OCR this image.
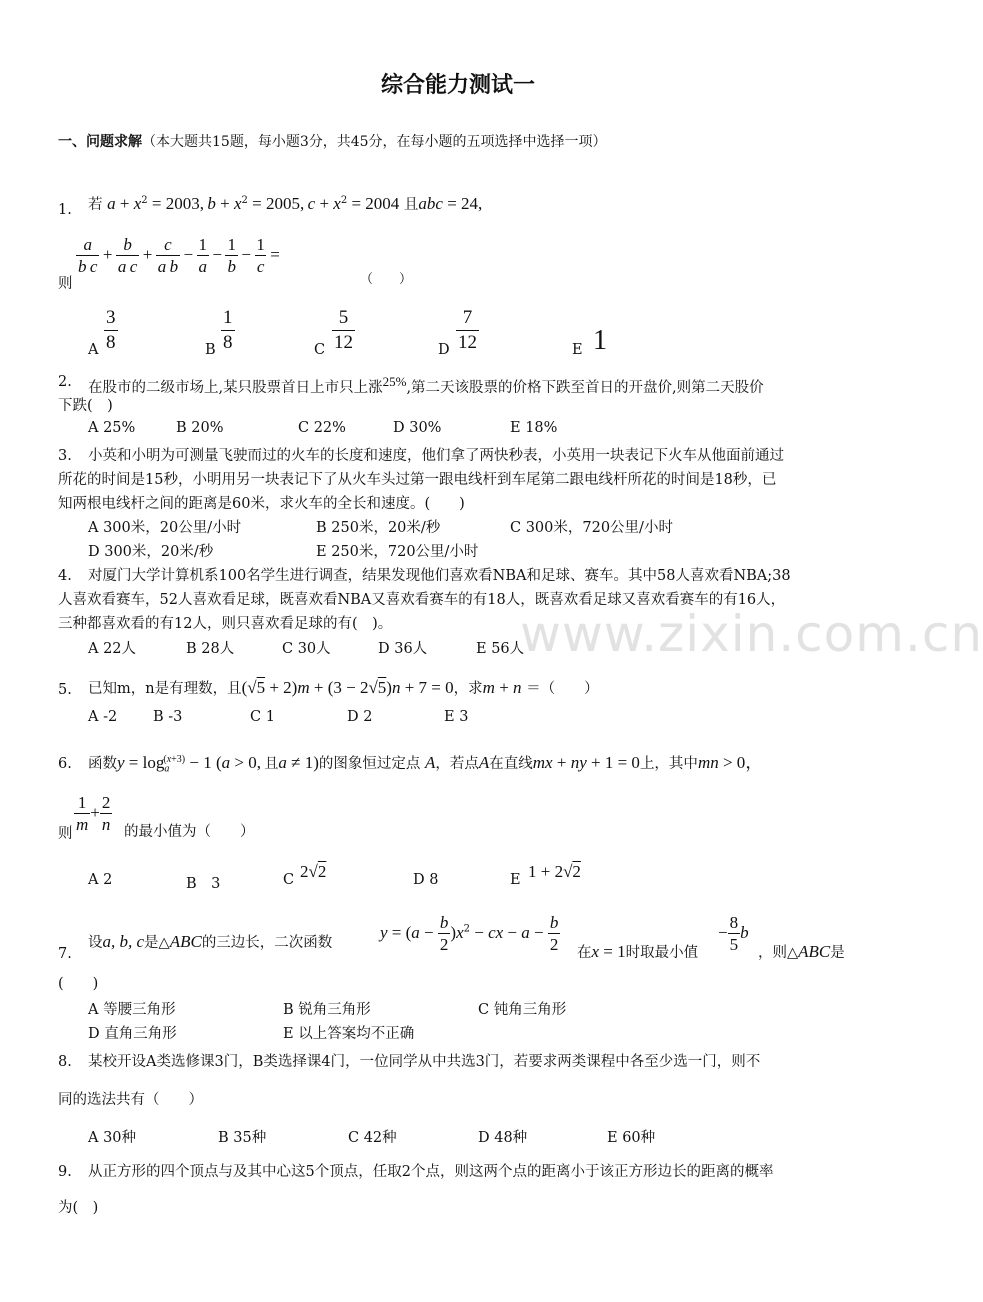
www.zixin.com.cn
综合能力测试一
一、问题求解（本大题共15题，每小题3分，共45分，在每小题的五项选择中选择一项）
1. 若 $a + x^2 = 2003$, $b + x^2 = 2005$, $c + x^2 = 2004$ 且abc = 24,
则
$\frac{a}{\text{b c}} + \frac{b}{\text{a c}} + \frac{c}{\text{a b}} - \frac{1}{a} - \frac{1}{b} - \frac{1}{c}$  =
（　　）
A $\frac{3}{8}$	B $\frac{1}{8}$	C $\frac{5}{12}$	D $\frac{7}{12}$	E 1
2. 在股市的二级市场上,某只股票首日上市只上涨25%,第二天该股票的价格下跌至首日的开盘价,则第二天股价
下跌(　)
A 25%	B 20%	C 22%	D 30%	E 18%
3. 小英和小明为可测量飞驶而过的火车的长度和速度，他们拿了两快秒表，小英用一块表记下火车从他面前通过
所花的时间是15秒，小明用另一块表记下了从火车头过第一跟电线杆到车尾第二跟电线杆所花的时间是18秒，已
知两根电线杆之间的距离是60米，求火车的全长和速度。(　　)
A 300米，20公里/小时	B 250米，20米/秒	C 300米，720公里/小时
D 300米，20米/秒	E 250米，720公里/小时
4. 对厦门大学计算机系100名学生进行调查，结果发现他们喜欢看NBA和足球、赛车。其中58人喜欢看NBA;38
人喜欢看赛车，52人喜欢看足球，既喜欢看NBA又喜欢看赛车的有18人，既喜欢看足球又喜欢看赛车的有16人，
三种都喜欢看的有12人，则只喜欢看足球的有(　)。
A 22人	B 28人	C 30人	D 36人	E 56人
5. 已知m，n是有理数，且(√5 + 2)m + (3 − 2√5)n + 7 = 0，求m + n ＝（　　）
A -2 B -3	C 1	D 2	E 3
6. 函数$y = \log_a^{(x+3)} - 1$ (a > 0, 且a ≠ 1)的图象恒过定点 A，若点A在直线mx + ny + 1 = 0上，其中mn > 0，
则 $\frac{1}{m} + \frac{2}{n}$ 的最小值为（　　）
A 2	B　3	C 2√2	D 8	E 1 + 2√2
7.
设a, b, c是△ABC的三边长，二次函数
$y = (a - \frac{b}{2} )x^2$ − cx − $a - \frac{b}{2}$ 在x = 1时取最小值
− $\frac{8}{5}$ b
，则△ABC是
(　　)
A 等腰三角形	B 锐角三角形	C 钝角三角形
D 直角三角形	E 以上答案均不正确
8. 某校开设A类选修课3门，B类选择课4门，一位同学从中共选3门，若要求两类课程中各至少选一门，则不
同的选法共有（　　）
A 30种	B 35种	C 42种	D 48种	E 60种
9. 从正方形的四个顶点与及其中心这5个顶点，任取2个点，则这两个点的距离小于该正方形边长的距离的概率
为(　)
